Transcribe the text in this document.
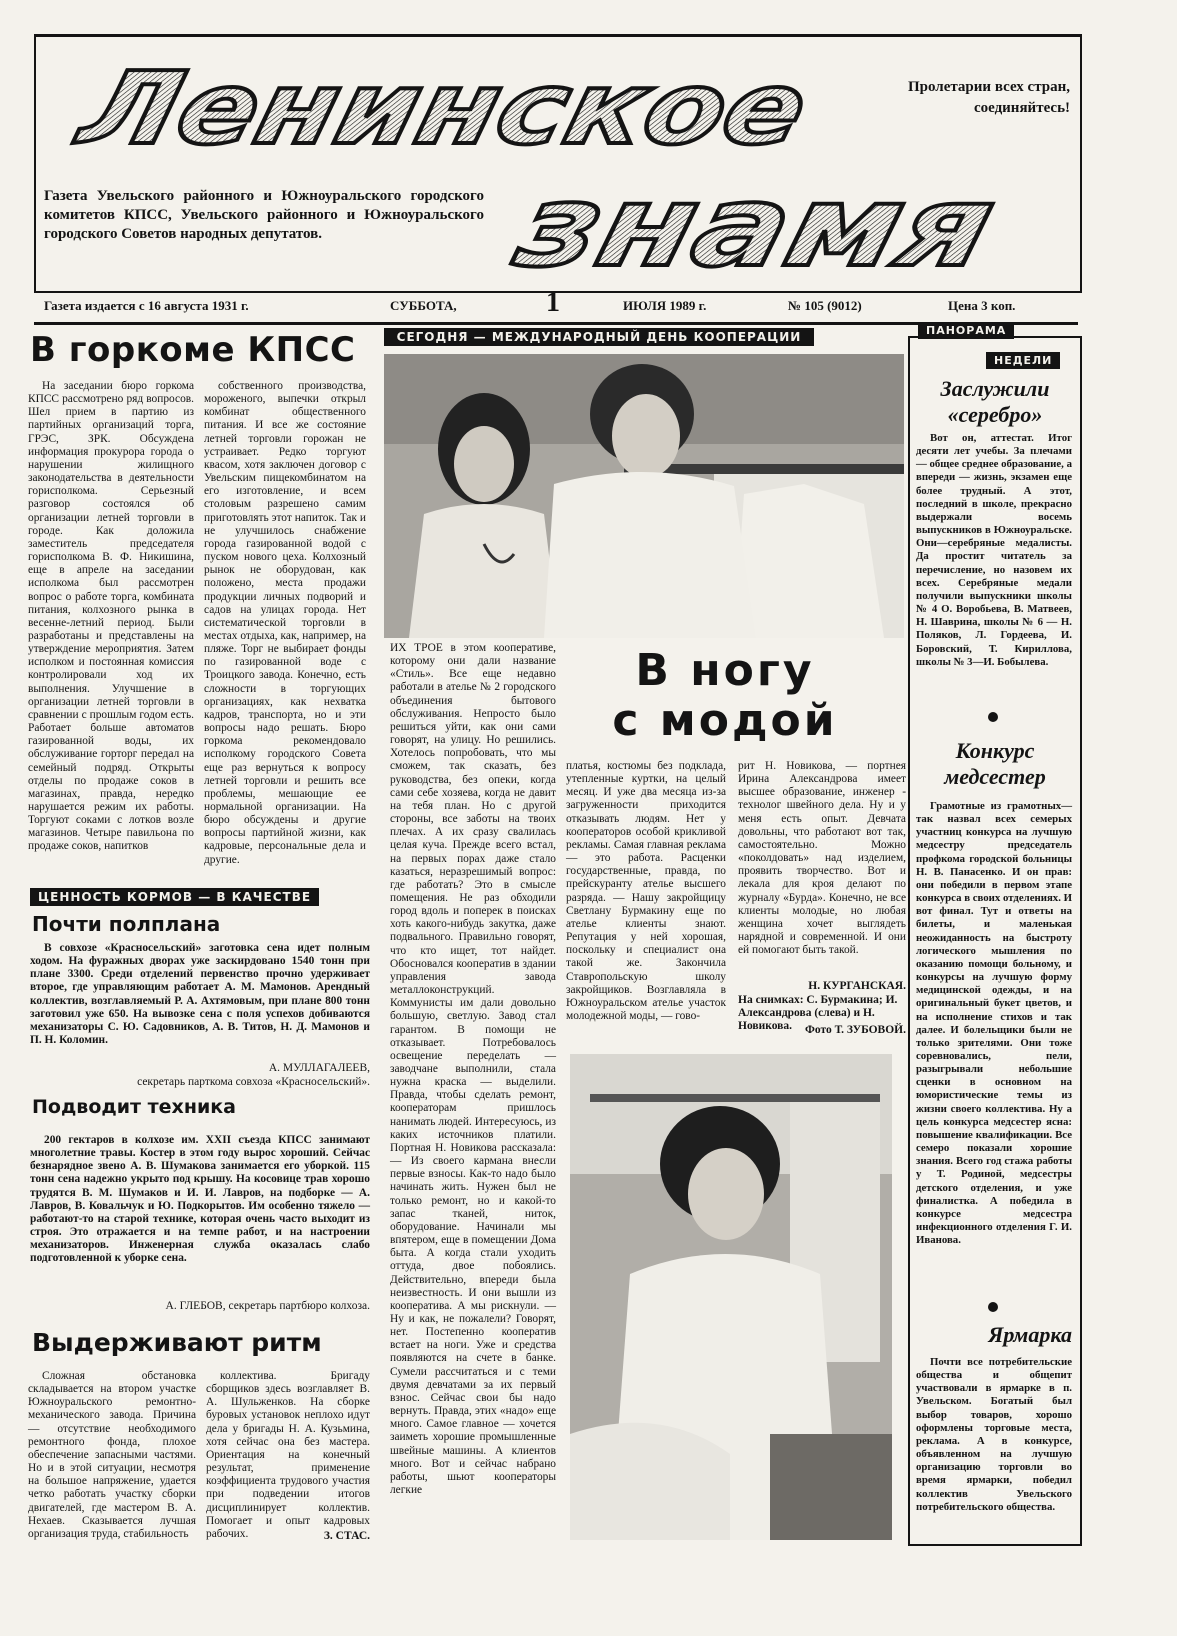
Ленинское
знамя
Пролетарии всех стран,
соединяйтесь!
Газета Увельского районного и Южноуральского городского комитетов КПСС, Увельского районного и Южноуральского городского Советов народных депутатов.
Газета издается с 16 августа 1931 г.	СУББОТА,	1	ИЮЛЯ 1989 г.	№ 105 (9012)	Цена 3 коп.
В горкоме КПСС

На заседании бюро горкома КПСС рассмотрено ряд вопросов. Шел прием в партию из партийных организаций торга, ГРЭС, ЗРК. Обсуждена информация прокурора города о нарушении жилищного законодательства в деятельности горисполкома. Серьезный разговор состоялся об организации летней торговли в городе. Как доложила заместитель председателя горисполкома В. Ф. Никишина, еще в апреле на заседании исполкома был рассмотрен вопрос о работе торга, комбината питания, колхозного рынка в весенне-летний период. Были разработаны и представлены на утверждение мероприятия. Затем исполком и постоянная комиссия контролировали ход их выполнения. Улучшение в организации летней торговли в сравнении с прошлым годом есть. Работает больше автоматов газированной воды, их обслуживание горторг передал на семейный подряд. Открыты отделы по продаже соков в магазинах, правда, нередко нарушается режим их работы. Торгуют соками с лотков возле магазинов. Четыре павильона по продаже соков, напитков

собственного производства, мороженого, выпечки открыл комбинат общественного питания. И все же состояние летней торговли горожан не устраивает. Редко торгуют квасом, хотя заключен договор с Увельским пищекомбинатом на его изготовление, и всем столовым разрешено самим приготовлять этот напиток. Так и не улучшилось снабжение города газированной водой с пуском нового цеха. Колхозный рынок не оборудован, как положено, места продажи продукции личных подворий и садов на улицах города. Нет систематической торговли в местах отдыха, как, например, на пляже. Торг не выбирает фонды по газированной воде с Троицкого завода. Конечно, есть сложности в торгующих организациях, как нехватка кадров, транспорта, но и эти вопросы надо решать. Бюро горкома рекомендовало исполкому городского Совета еще раз вернуться к вопросу летней торговли и решить все проблемы, мешающие ее нормальной организации. На бюро обсуждены и другие вопросы партийной жизни, как кадровые, персональные дела и другие.

ЦЕННОСТЬ КОРМОВ — В КАЧЕСТВЕ
Почти полплана

В совхозе «Красносельский» заготовка сена идет полным ходом. На фуражных дворах уже заскирдовано 1540 тонн при плане 3300. Среди отделений первенство прочно удерживает второе, где управляющим работает А. М. Мамонов. Арендный коллектив, возглавляемый Р. А. Ахтямовым, при плане 800 тонн заготовил уже 650. На вывозке сена с поля успехов добиваются механизаторы С. Ю. Садовников, А. В. Титов, Н. Д. Мамонов и П. Н. Коломин.

А. МУЛЛАГАЛЕЕВ,
секретарь парткома совхоза «Красносельский».
Подводит техника

200 гектаров в колхозе им. XXII съезда КПСС занимают многолетние травы. Костер в этом году вырос хороший. Сейчас безнарядное звено А. В. Шумакова занимается его уборкой. 115 тонн сена надежно укрыто под крышу. На косовице трав хорошо трудятся В. М. Шумаков и И. И. Лавров, на подборке — А. Лавров, В. Ковальчук и Ю. Подкорытов. Им особенно тяжело — работают-то на старой технике, которая очень часто выходит из строя. Это отражается и на темпе работ, и на настроении механизаторов. Инженерная служба оказалась слабо подготовленной к уборке сена.

А. ГЛЕБОВ, секретарь партбюро колхоза.
Выдерживают ритм

Сложная обстановка складывается на втором участке Южноуральского ремонтно-механического завода. Причина — отсутствие необходимого ремонтного фонда, плохое обеспечение запасными частями. Но и в этой ситуации, несмотря на большое напряжение, удается четко работать участку сборки двигателей, где мастером В. А. Нехаев. Сказывается лучшая организация труда, стабильность

коллектива. Бригаду сборщиков здесь возглавляет В. А. Шульженков. На сборке буровых установок неплохо идут дела у бригады Н. А. Кузьмина, хотя сейчас она без мастера. Ориентация на конечный результат, применение коэффициента трудового участия при подведении итогов дисциплинирует коллектив. Помогает и опыт кадровых рабочих.	З. СТАС.
СЕГОДНЯ — МЕЖДУНАРОДНЫЙ ДЕНЬ КООПЕРАЦИИ
В ногу
с модой

ИХ ТРОЕ в этом кооперативе, которому они дали название «Стиль». Все еще недавно работали в ателье № 2 городского объединения бытового обслуживания. Непросто было решиться уйти, как они сами говорят, на улицу. Но решились. Хотелось попробовать, что мы сможем, так сказать, без руководства, без опеки, когда сами себе хозяева, когда не давит на тебя план. Но с другой стороны, все заботы на твоих плечах. А их сразу свалилась целая куча. Прежде всего встал, на первых порах даже стало казаться, неразрешимый вопрос: где работать? Это в смысле помещения. Не раз обходили город вдоль и поперек в поисках хоть какого-нибудь закутка, даже подвального. Правильно говорят, что кто ищет, тот найдет. Обосновался кооператив в здании управления завода металлоконструкций. Коммунисты им дали довольно большую, светлую. Завод стал гарантом. В помощи не отказывает. Потребовалось освещение переделать — заводчане выполнили, стала нужна краска — выделили. Правда, чтобы сделать ремонт, кооператорам пришлось нанимать людей. Интересуюсь, из каких источников платили. Портная Н. Новикова рассказала: — Из своего кармана внесли первые взносы. Как-то надо было начинать жить. Нужен был не только ремонт, но и какой-то запас тканей, ниток, оборудование. Начинали мы впятером, еще в помещении Дома быта. А когда стали уходить оттуда, двое побоялись. Действительно, впереди была неизвестность. И они вышли из кооператива. А мы рискнули. — Ну и как, не пожалели? Говорят, нет. Постепенно кооператив встает на ноги. Уже и средства появляются на счете в банке. Сумели рассчитаться и с теми двумя девчатами за их первый взнос. Сейчас свои бы надо вернуть. Правда, этих «надо» еще много. Самое главное — хочется заиметь хорошие промышленные швейные машины. А клиентов много. Вот и сейчас набрано работы, шьют кооператоры легкие

платья, костюмы без подклада, утепленные куртки, на целый месяц. И уже два месяца из-за загруженности приходится отказывать людям. Нет у кооператоров особой крикливой рекламы. Самая главная реклама — это работа. Расценки государственные, правда, по прейскуранту ателье высшего разряда. — Нашу закройщицу Светлану Бурмакину еще по ателье клиенты знают. Репутация у ней хорошая, поскольку и специалист она такой же. Закончила Ставропольскую школу закройщиков. Возглавляла в Южноуральском ателье участок молодежной моды, — гово-

рит Н. Новикова, — портнея Ирина Александрова имеет высшее образование, инженер - технолог швейного дела. Ну и у меня есть опыт. Девчата довольны, что работают вот так, самостоятельно. Можно «поколдовать» над изделием, проявить творчество. Вот и лекала для кроя делают по журналу «Бурда». Конечно, не все клиенты молодые, но любая женщина хочет выглядеть нарядной и современной. И они ей помогают быть такой.

Н. КУРГАНСКАЯ.
На снимках: С. Бурмакина; И. Александрова (слева) и Н. Новикова.	Фото Т. ЗУБОВОЙ.
ПАНОРАМА
НЕДЕЛИ
Заслужили «серебро»

Вот он, аттестат. Итог десяти лет учебы. За плечами — общее среднее образование, а впереди — жизнь, экзамен еще более трудный. А этот, последний в школе, прекрасно выдержали восемь выпускников в Южноуральске. Они—серебряные медалисты. Да простит читатель за перечисление, но назовем их всех. Серебряные медали получили выпускники школы № 4 О. Воробьева, В. Матвеев, Н. Шаврина, школы № 6 — Н. Поляков, Л. Гордеева, И. Боровский, Т. Кириллова, школы № 3—И. Бобылева.

Конкурс медсестер

Грамотные из грамотных—так назвал всех семерых участниц конкурса на лучшую медсестру председатель профкома городской больницы Н. В. Панасенко. И он прав: они победили в первом этапе конкурса в своих отделениях. И вот финал. Тут и ответы на билеты, и маленькая неожиданность на быстроту логического мышления по оказанию помощи больному, и конкурсы на лучшую форму медицинской одежды, и на оригинальный букет цветов, и на исполнение стихов и так далее. И болельщики были не только зрителями. Они тоже соревновались, пели, разыгрывали небольшие сценки в основном на юмористические темы из жизни своего коллектива. Ну а цель конкурса медсестер ясна: повышение квалификации. Все семеро показали хорошие знания. Всего год стажа работы у Т. Родиной, медсестры детского отделения, и уже финалистка. А победила в конкурсе медсестра инфекционного отделения Г. И. Иванова.

Ярмарка

Почти все потребительские общества и общепит участвовали в ярмарке в п. Увельском. Богатый был выбор товаров, хорошо оформлены торговые места, реклама. А в конкурсе, объявленном на лучшую организацию торговли во время ярмарки, победил коллектив Увельского потребительского общества.
